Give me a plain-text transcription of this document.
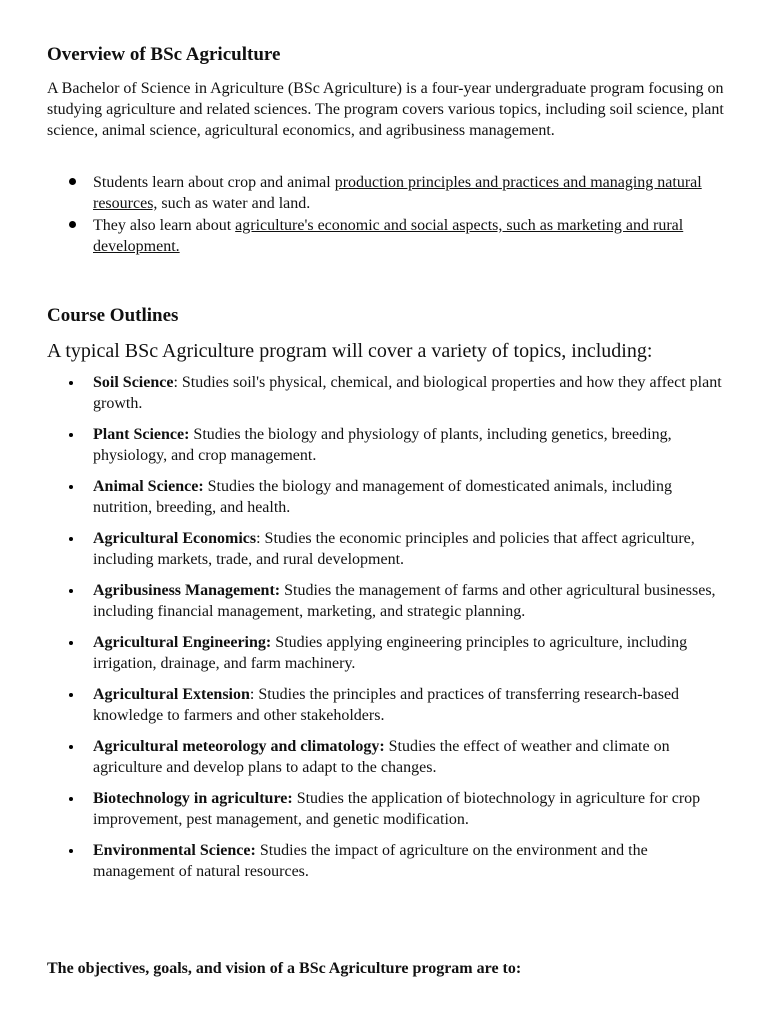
Overview of BSc Agriculture
A Bachelor of Science in Agriculture (BSc Agriculture) is a four-year undergraduate program focusing on studying agriculture and related sciences. The program covers various topics, including soil science, plant science, animal science, agricultural economics, and agribusiness management.
Students learn about crop and animal production principles and practices and managing natural resources, such as water and land.
They also learn about agriculture's economic and social aspects, such as marketing and rural development.
Course Outlines
A typical BSc Agriculture program will cover a variety of topics, including:
Soil Science: Studies soil's physical, chemical, and biological properties and how they affect plant growth.
Plant Science: Studies the biology and physiology of plants, including genetics, breeding, physiology, and crop management.
Animal Science: Studies the biology and management of domesticated animals, including nutrition, breeding, and health.
Agricultural Economics: Studies the economic principles and policies that affect agriculture, including markets, trade, and rural development.
Agribusiness Management: Studies the management of farms and other agricultural businesses, including financial management, marketing, and strategic planning.
Agricultural Engineering: Studies applying engineering principles to agriculture, including irrigation, drainage, and farm machinery.
Agricultural Extension: Studies the principles and practices of transferring research-based knowledge to farmers and other stakeholders.
Agricultural meteorology and climatology: Studies the effect of weather and climate on agriculture and develop plans to adapt to the changes.
Biotechnology in agriculture: Studies the application of biotechnology in agriculture for crop improvement, pest management, and genetic modification.
Environmental Science: Studies the impact of agriculture on the environment and the management of natural resources.
The objectives, goals, and vision of a BSc Agriculture program are to:
